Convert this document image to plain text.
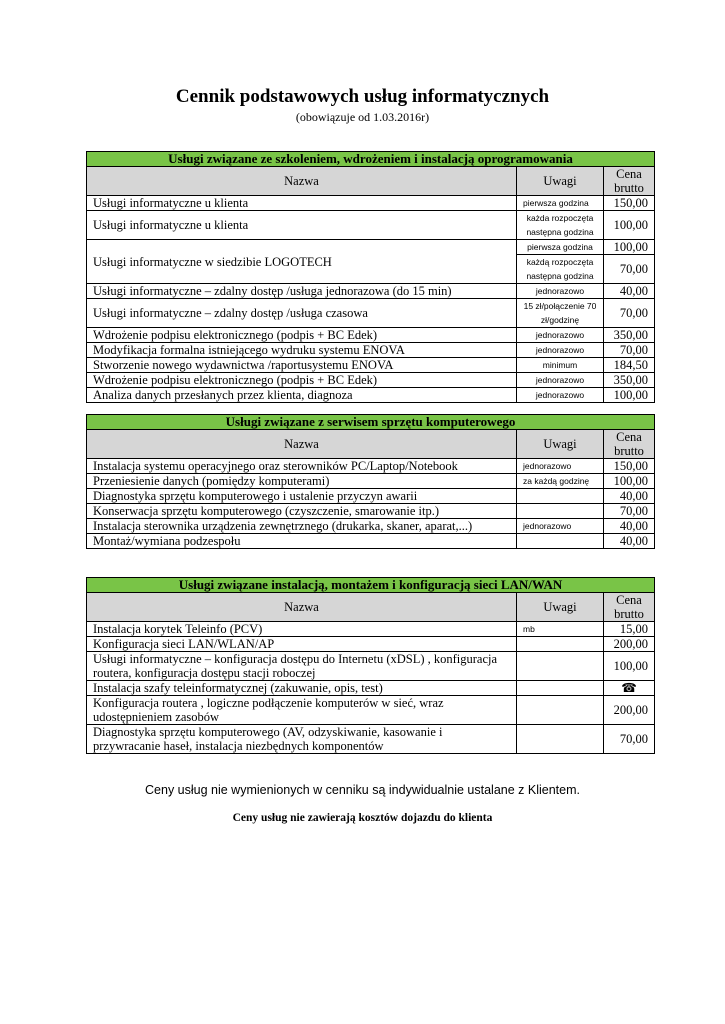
Cennik podstawowych usług informatycznych
(obowiązuje od 1.03.2016r)
Usługi związane ze szkoleniem, wdrożeniem i instalacją oprogramowania		
Nazwa	Uwagi	Cena brutto
Usługi informatyczne u klienta	pierwsza godzina	150,00
Usługi informatyczne u klienta	każda rozpoczęta następna godzina	100,00
Usługi informatyczne w siedzibie LOGOTECH	pierwsza godzina	100,00
	każdą rozpoczęta następna godzina	70,00
Usługi informatyczne – zdalny dostęp /usługa jednorazowa (do 15 min)	jednorazowo	40,00
Usługi informatyczne – zdalny dostęp /usługa czasowa	15 zł/połączenie 70 zł/godzinę	70,00
Wdrożenie podpisu elektronicznego (podpis + BC Edek)	jednorazowo	350,00
Modyfikacja formalna istniejącego wydruku systemu ENOVA	jednorazowo	70,00
Stworzenie nowego wydawnictwa /raportusystemu ENOVA	minimum	184,50
Wdrożenie podpisu elektronicznego (podpis + BC Edek)	jednorazowo	350,00
Analiza danych przesłanych przez klienta, diagnoza	jednorazowo	100,00
Usługi związane z serwisem sprzętu komputerowego		
Nazwa	Uwagi	Cena brutto
Instalacja systemu operacyjnego oraz sterowników PC/Laptop/Notebook	jednorazowo	150,00
Przeniesienie danych (pomiędzy komputerami)	za każdą godzinę	100,00
Diagnostyka sprzętu komputerowego i ustalenie przyczyn awarii		40,00
Konserwacja sprzętu komputerowego (czyszczenie, smarowanie itp.)		70,00
Instalacja sterownika urządzenia zewnętrznego (drukarka, skaner, aparat,...)	jednorazowo	40,00
Montaż/wymiana podzespołu		40,00
Usługi związane instalacją, montażem i konfiguracją sieci LAN/WAN		
Nazwa	Uwagi	Cena brutto
Instalacja korytek Teleinfo (PCV)	mb	15,00
Konfiguracja sieci LAN/WLAN/AP		200,00
Usługi informatyczne – konfiguracja dostępu do Internetu (xDSL) , konfiguracja routera, konfiguracja dostępu stacji roboczej		100,00
Instalacja szafy teleinformatycznej (zakuwanie, opis, test)		☎
Konfiguracja routera , logiczne podłączenie komputerów w sieć, wraz udostępnieniem zasobów		200,00
Diagnostyka sprzętu komputerowego (AV, odzyskiwanie, kasowanie i przywracanie haseł, instalacja niezbędnych komponentów		70,00
Ceny usług nie wymienionych w cenniku są indywidualnie ustalane z Klientem.
Ceny usług nie zawierają kosztów dojazdu do klienta
